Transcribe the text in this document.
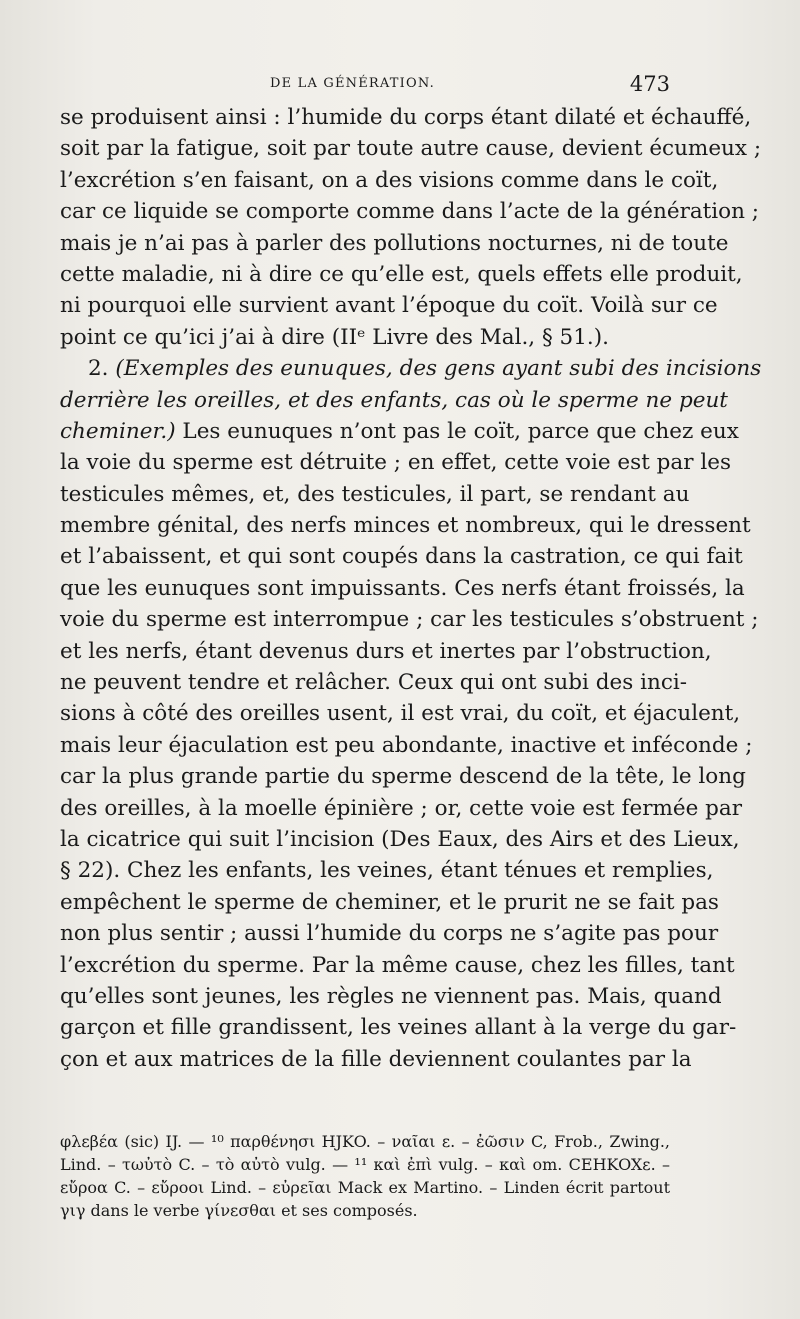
DE LA GÉNÉRATION.	473
se produisent ainsi : l’humide du corps étant dilaté et échauffé,
soit par la fatigue, soit par toute autre cause, devient écumeux ;
l’excrétion s’en faisant, on a des visions comme dans le coït,
car ce liquide se comporte comme dans l’acte de la génération ;
mais je n’ai pas à parler des pollutions nocturnes, ni de toute
cette maladie, ni à dire ce qu’elle est, quels effets elle produit,
ni pourquoi elle survient avant l’époque du coït. Voilà sur ce
point ce qu’ici j’ai à dire (IIᵉ Livre des Mal., § 51.).
2. (Exemples des eunuques, des gens ayant subi des incisions
derrière les oreilles, et des enfants, cas où le sperme ne peut
cheminer.) Les eunuques n’ont pas le coït, parce que chez eux
la voie du sperme est détruite ; en effet, cette voie est par les
testicules mêmes, et, des testicules, il part, se rendant au
membre génital, des nerfs minces et nombreux, qui le dressent
et l’abaissent, et qui sont coupés dans la castration, ce qui fait
que les eunuques sont impuissants. Ces nerfs étant froissés, la
voie du sperme est interrompue ; car les testicules s’obstruent ;
et les nerfs, étant devenus durs et inertes par l’obstruction,
ne peuvent tendre et relâcher. Ceux qui ont subi des inci-
sions à côté des oreilles usent, il est vrai, du coït, et éjaculent,
mais leur éjaculation est peu abondante, inactive et inféconde ;
car la plus grande partie du sperme descend de la tête, le long
des oreilles, à la moelle épinière ; or, cette voie est fermée par
la cicatrice qui suit l’incision (Des Eaux, des Airs et des Lieux,
§ 22). Chez les enfants, les veines, étant ténues et remplies,
empêchent le sperme de cheminer, et le prurit ne se fait pas
non plus sentir ; aussi l’humide du corps ne s’agite pas pour
l’excrétion du sperme. Par la même cause, chez les filles, tant
qu’elles sont jeunes, les règles ne viennent pas. Mais, quand
garçon et fille grandissent, les veines allant à la verge du gar-
çon et aux matrices de la fille deviennent coulantes par la
φλεβέα (sic) IJ. — ¹⁰ παρθένησι HJKO. – ναῖαι ε. – ἐῶσιν C, Frob., Zwing.,
Lind. – τωὐτὸ C. – τὸ αὐτὸ vulg. — ¹¹ καὶ ἐπὶ vulg. – καὶ om. CEHKOXε. –
εὔροα C. – εὔροοι Lind. – εὐρεῖαι Mack ex Martino. – Linden écrit partout
γιγ dans le verbe γίνεσθαι et ses composés.
